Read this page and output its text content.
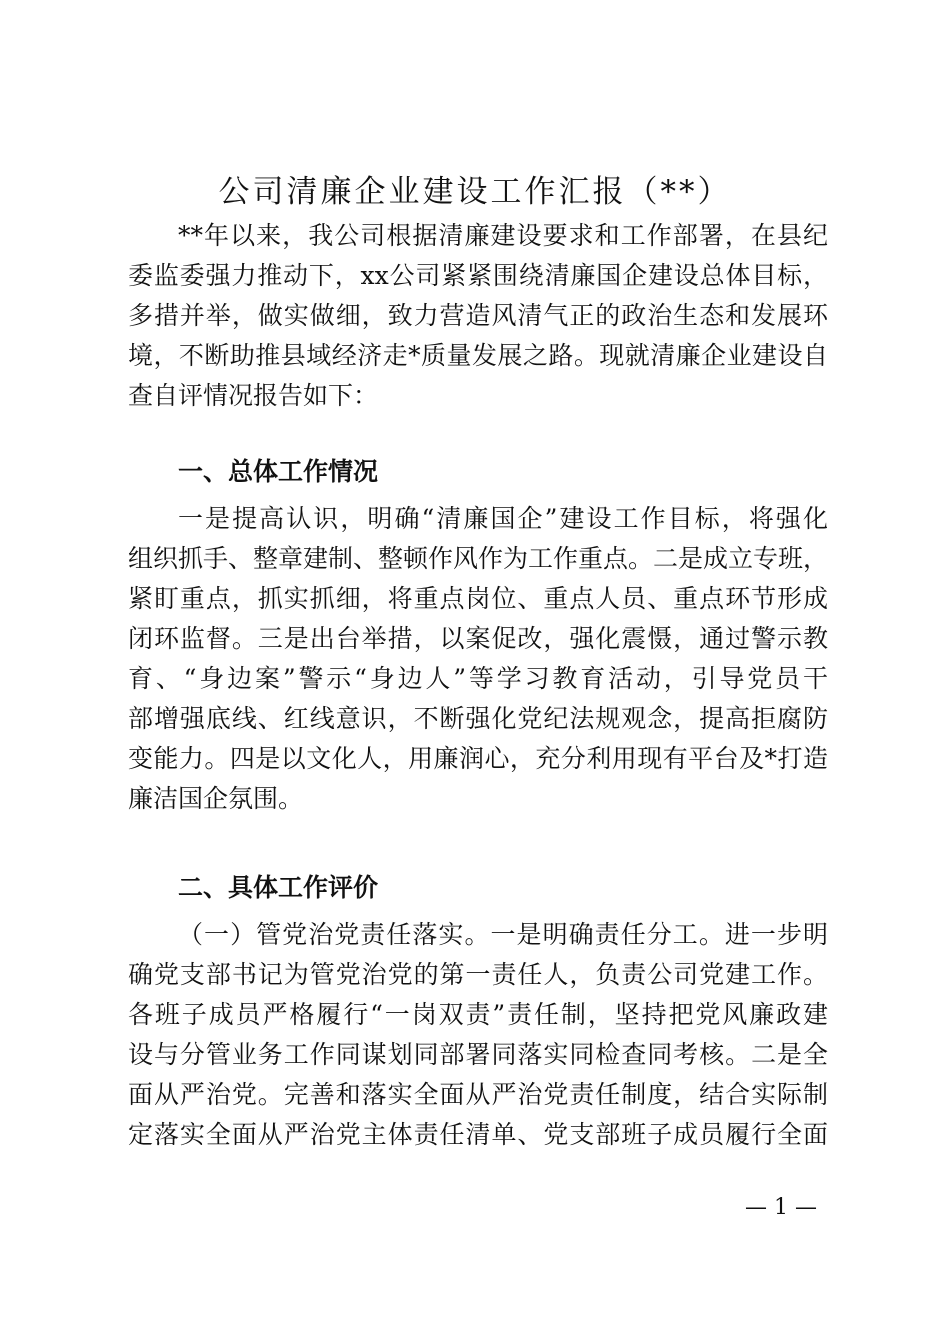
公司清廉企业建设工作汇报（**）
**年以来，我公司根据清廉建设要求和工作部署，在县纪
委监委强力推动下，xx公司紧紧围绕清廉国企建设总体目标，
多措并举，做实做细，致力营造风清气正的政治生态和发展环
境，不断助推县域经济走*质量发展之路。现就清廉企业建设自
查自评情况报告如下：
一、总体工作情况
一是提高认识，明确“清廉国企”建设工作目标，将强化
组织抓手、整章建制、整顿作风作为工作重点。二是成立专班，
紧盯重点，抓实抓细，将重点岗位、重点人员、重点环节形成
闭环监督。三是出台举措，以案促改，强化震慑，通过警示教
育、“身边案”警示“身边人”等学习教育活动，引导党员干
部增强底线、红线意识，不断强化党纪法规观念，提高拒腐防
变能力。四是以文化人，用廉润心，充分利用现有平台及*打造
廉洁国企氛围。
二、具体工作评价
（一）管党治党责任落实。一是明确责任分工。进一步明
确党支部书记为管党治党的第一责任人，负责公司党建工作。
各班子成员严格履行“一岗双责”责任制，坚持把党风廉政建
设与分管业务工作同谋划同部署同落实同检查同考核。二是全
面从严治党。完善和落实全面从严治党责任制度，结合实际制
定落实全面从严治党主体责任清单、党支部班子成员履行全面
— 1 —
